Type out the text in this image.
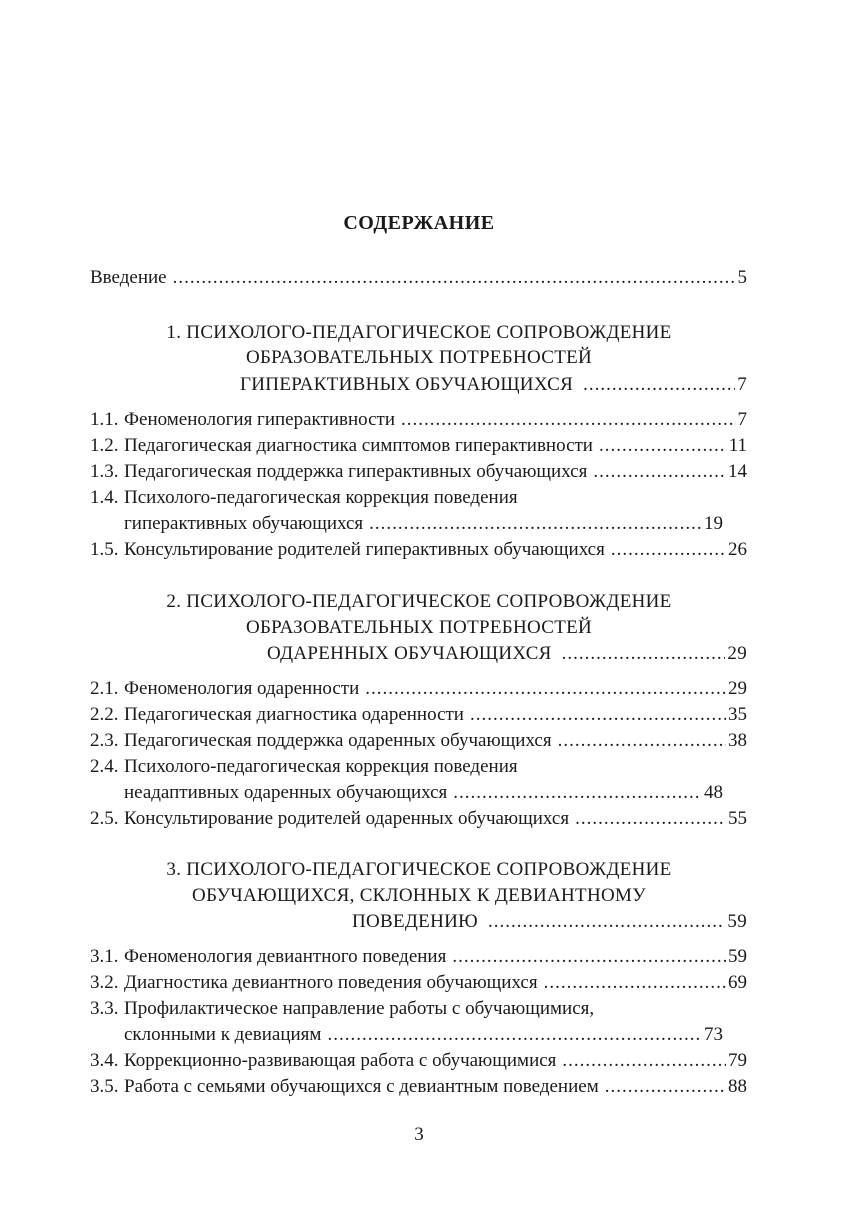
СОДЕРЖАНИЕ
Введение .....	5
1. ПСИХОЛОГО-ПЕДАГОГИЧЕСКОЕ СОПРОВОЖДЕНИЕ
ОБРАЗОВАТЕЛЬНЫХ ПОТРЕБНОСТЕЙ
ГИПЕРАКТИВНЫХ ОБУЧАЮЩИХСЯ .....	7
1.1. Феноменология гиперактивности .....	7
1.2. Педагогическая диагностика симптомов гиперактивности .....	11
1.3. Педагогическая поддержка гиперактивных обучающихся .....	14
1.4. Психолого-педагогическая коррекция поведения
гиперактивных обучающихся .....	19
1.5. Консультирование родителей гиперактивных обучающихся .....	26
2. ПСИХОЛОГО-ПЕДАГОГИЧЕСКОЕ СОПРОВОЖДЕНИЕ
ОБРАЗОВАТЕЛЬНЫХ ПОТРЕБНОСТЕЙ
ОДАРЕННЫХ ОБУЧАЮЩИХСЯ .....	29
2.1. Феноменология одаренности .....	29
2.2. Педагогическая диагностика одаренности .....	35
2.3. Педагогическая поддержка одаренных обучающихся .....	38
2.4. Психолого-педагогическая коррекция поведения
неадаптивных одаренных обучающихся .....	48
2.5. Консультирование родителей одаренных обучающихся .....	55
3. ПСИХОЛОГО-ПЕДАГОГИЧЕСКОЕ СОПРОВОЖДЕНИЕ
ОБУЧАЮЩИХСЯ, СКЛОННЫХ К ДЕВИАНТНОМУ
ПОВЕДЕНИЮ .....	59
3.1. Феноменология девиантного поведения .....	59
3.2. Диагностика девиантного поведения обучающихся .....	69
3.3. Профилактическое направление работы с обучающимися,
склонными к девиациям .....	73
3.4. Коррекционно-развивающая работа с обучающимися .....	79
3.5. Работа с семьями обучающихся с девиантным поведением .....	88
3
